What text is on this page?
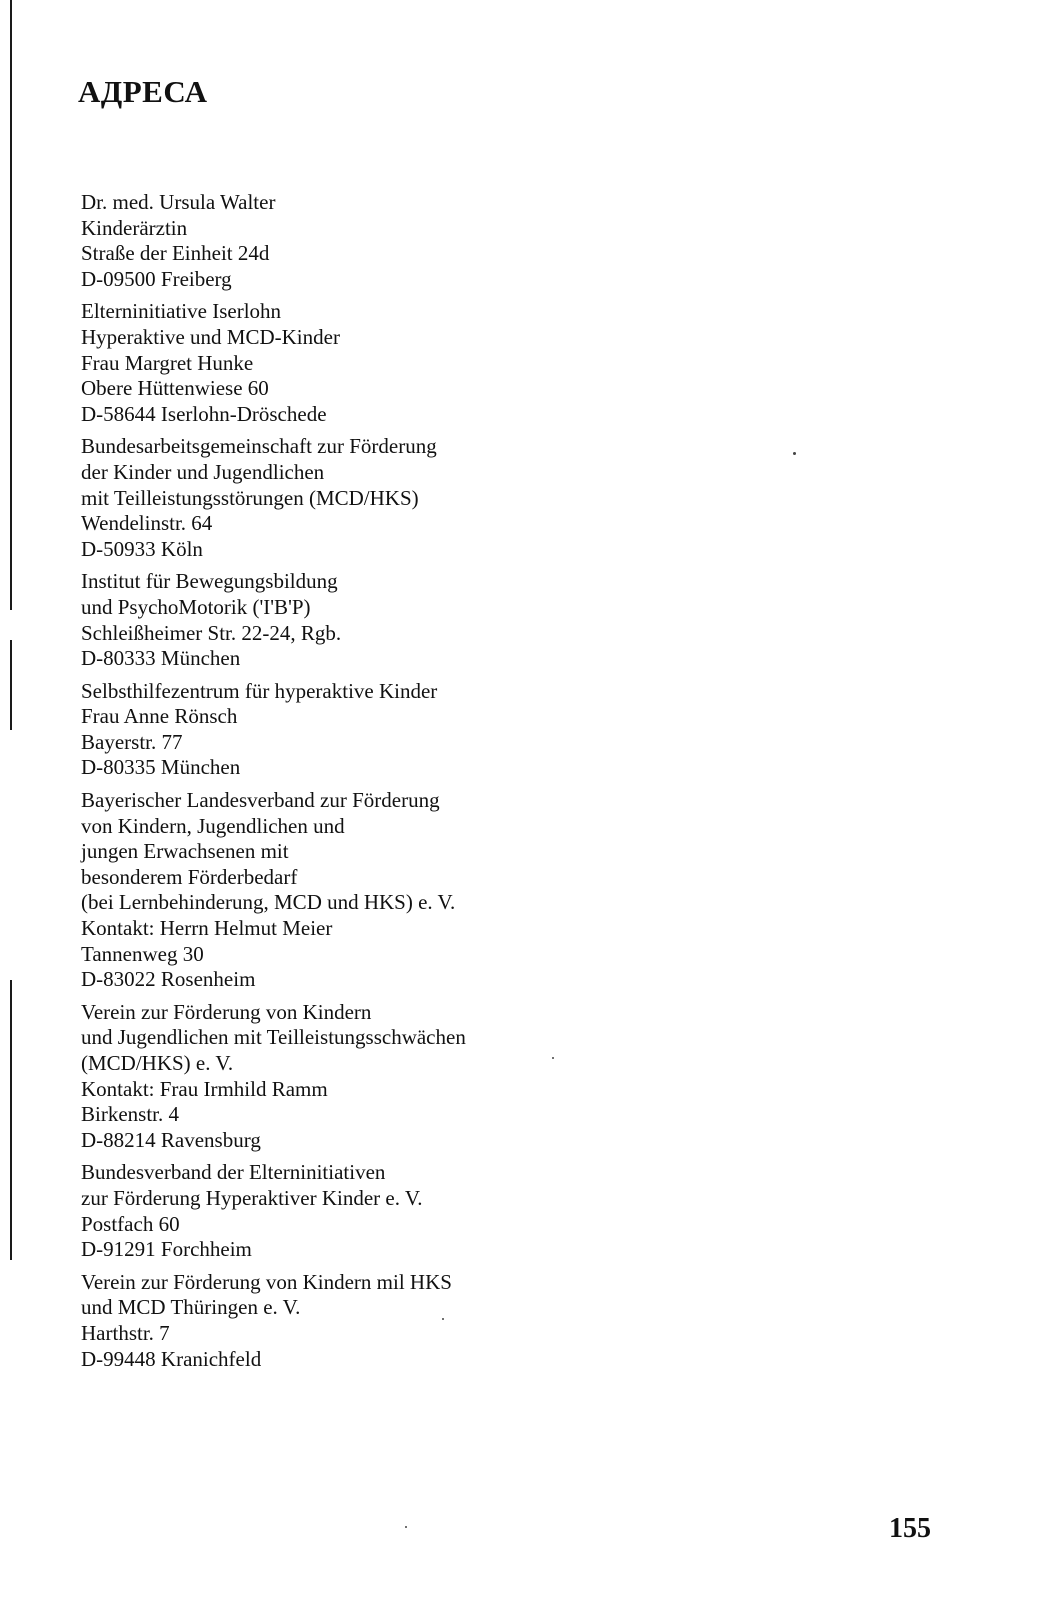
АДРЕСА
Dr. med. Ursula Walter
Kinderärztin
Straße der Einheit 24d
D-09500 Freiberg
Elterninitiative Iserlohn
Hyperaktive und MCD-Kinder
Frau Margret Hunke
Obere Hüttenwiese 60
D-58644 Iserlohn-Dröschede
Bundesarbeitsgemeinschaft zur Förderung
der Kinder und Jugendlichen
mit Teilleistungsstörungen (MCD/HKS)
Wendelinstr. 64
D-50933 Köln
Institut für Bewegungsbildung
und PsychoMotorik ('I'B'P)
Schleißheimer Str. 22-24, Rgb.
D-80333 München
Selbsthilfezentrum für hyperaktive Kinder
Frau Anne Rönsch
Bayerstr. 77
D-80335 München
Bayerischer Landesverband zur Förderung
von Kindern, Jugendlichen und
jungen Erwachsenen mit
besonderem Förderbedarf
(bei Lernbehinderung, MCD und HKS) e. V.
Kontakt: Herrn Helmut Meier
Tannenweg 30
D-83022 Rosenheim
Verein zur Förderung von Kindern
und Jugendlichen mit Teilleistungsschwächen
(MCD/HKS) e. V.
Kontakt: Frau Irmhild Ramm
Birkenstr. 4
D-88214 Ravensburg
Bundesverband der Elterninitiativen
zur Förderung Hyperaktiver Kinder e. V.
Postfach 60
D-91291 Forchheim
Verein zur Förderung von Kindern mil HKS
und MCD Thüringen e. V.
Harthstr. 7
D-99448 Kranichfeld
155
